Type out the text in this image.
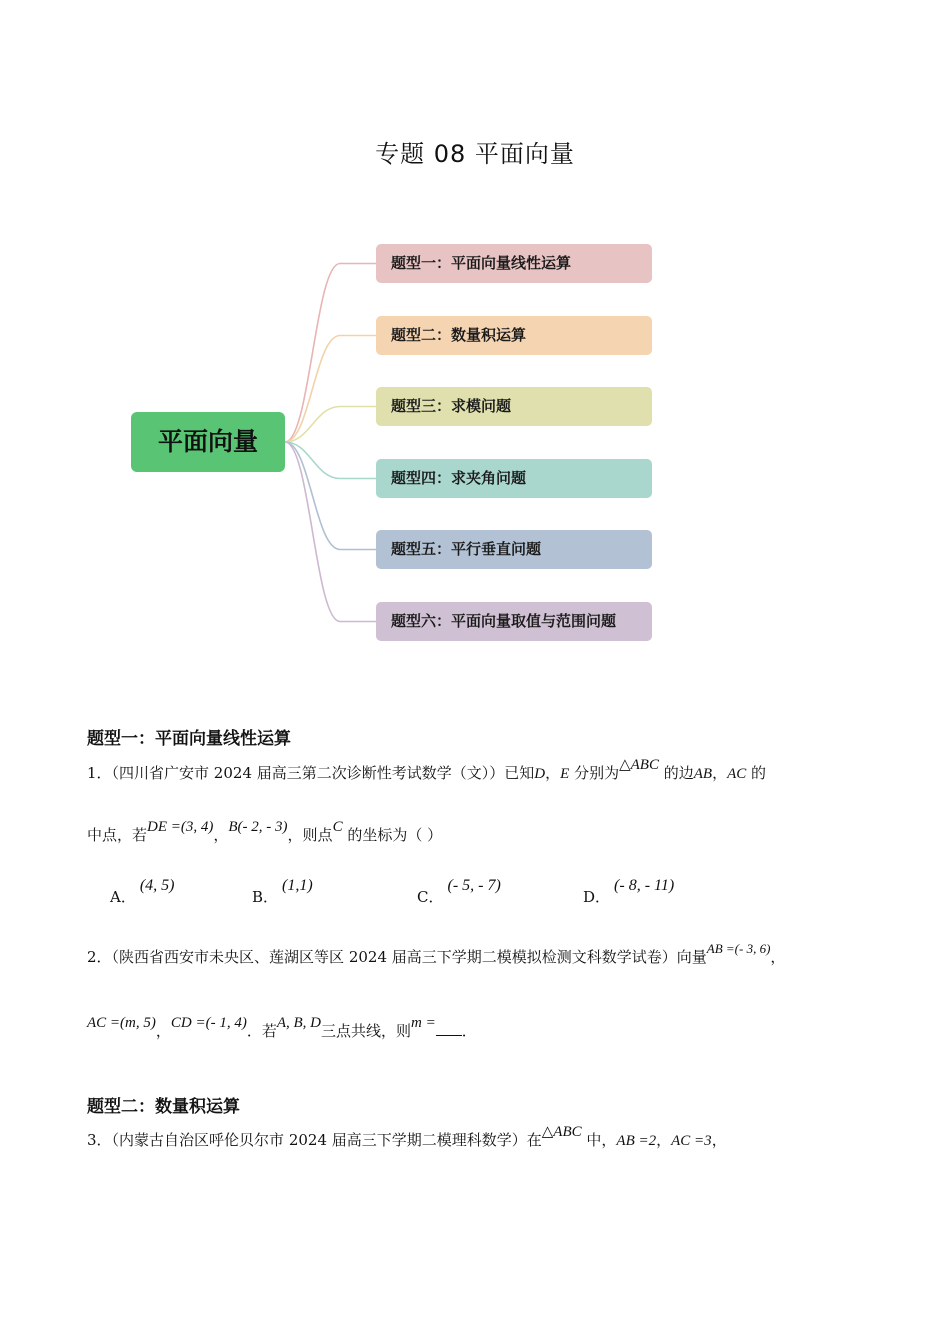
专题 08 平面向量
平面向量
题型一：平面向量线性运算
题型二：数量积运算
题型三：求模问题
题型四：求夹角问题
题型五：平行垂直问题
题型六：平面向量取值与范围问题
题型一：平面向量线性运算
1．（四川省广安市 2024 届高三第二次诊断性考试数学（文））已知D，E 分别为△ABC 的边AB，AC 的
中点，若DE =(3, 4)，B(- 2, - 3)，则点C 的坐标为（ ）
A．(4, 5)
B．(1,1)
C．(- 5, - 7)
D．(- 8, - 11)
2．（陕西省西安市未央区、莲湖区等区 2024 届高三下学期二模模拟检测文科数学试卷）向量AB =(- 3, 6)，
AC =(m, 5)，CD =(- 1, 4)．若A, B, D三点共线，则m = ．
题型二：数量积运算
3．（内蒙古自治区呼伦贝尔市 2024 届高三下学期二模理科数学）在△ABC 中，AB =2，AC =3，
